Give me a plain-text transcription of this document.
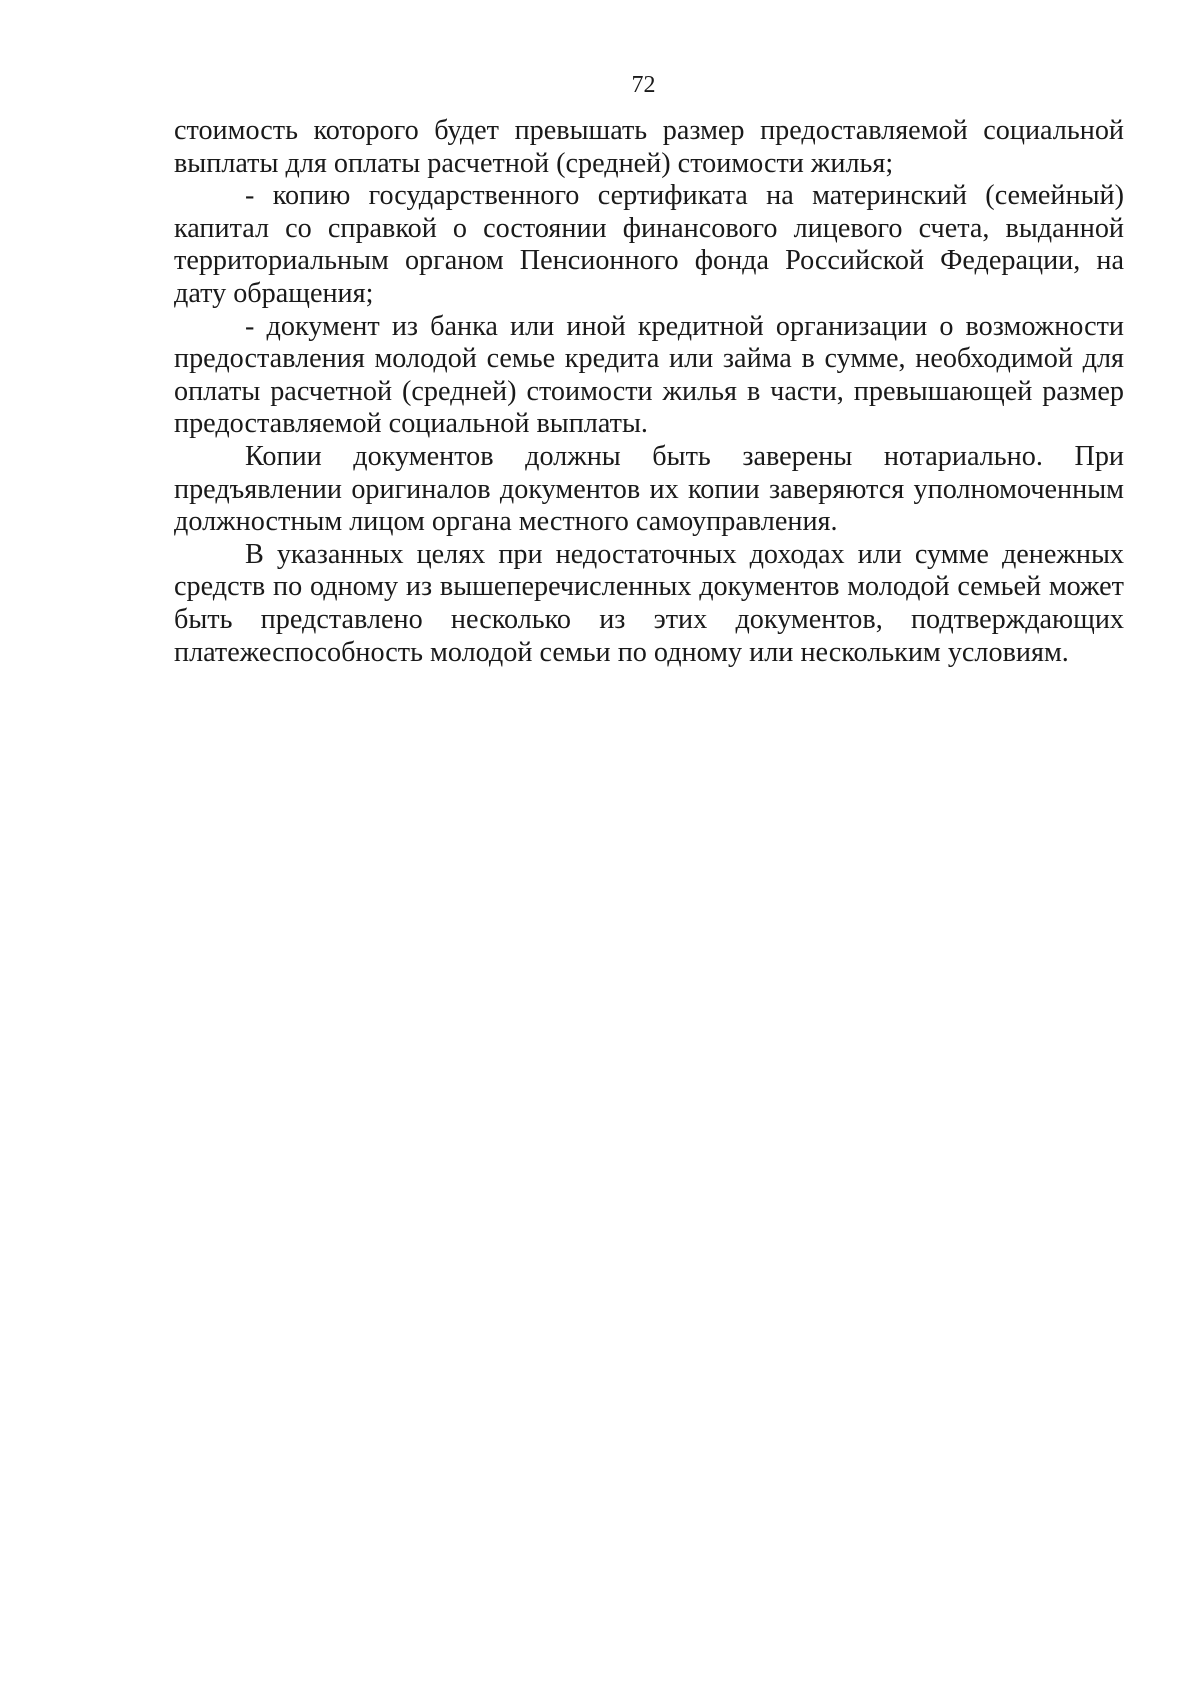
72

стоимость которого будет превышать размер предоставляемой социальной выплаты для оплаты расчетной (средней) стоимости жилья;

- копию государственного сертификата на материнский (семейный) капитал со справкой о состоянии финансового лицевого счета, выданной территориальным органом Пенсионного фонда Российской Федерации, на дату обращения;

- документ из банка или иной кредитной организации о возможности предоставления молодой семье кредита или займа в сумме, необходимой для оплаты расчетной (средней) стоимости жилья в части, превышающей размер предоставляемой социальной выплаты.

Копии документов должны быть заверены нотариально. При предъявлении оригиналов документов их копии заверяются уполномоченным должностным лицом органа местного самоуправления.

В указанных целях при недостаточных доходах или сумме денежных средств по одному из вышеперечисленных документов молодой семьей может быть представлено несколько из этих документов, подтверждающих платежеспособность молодой семьи по одному или нескольким условиям.
